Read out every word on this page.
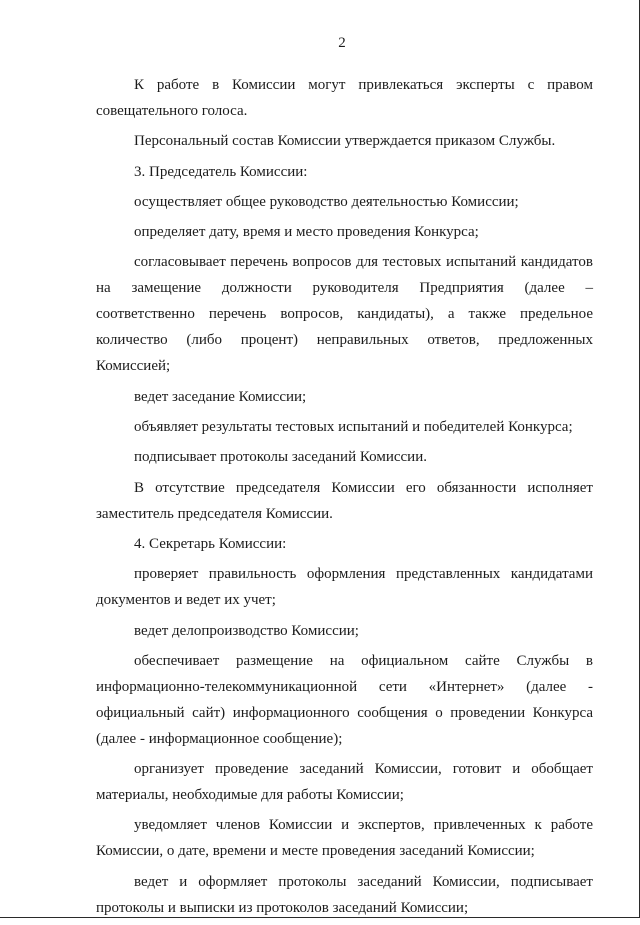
2

К работе в Комиссии могут привлекаться эксперты с правом совещательного голоса.

Персональный состав Комиссии утверждается приказом Службы.

3. Председатель Комиссии:

осуществляет общее руководство деятельностью Комиссии;

определяет дату, время и место проведения Конкурса;

согласовывает перечень вопросов для тестовых испытаний кандидатов на замещение должности руководителя Предприятия (далее – соответственно перечень вопросов, кандидаты), а также предельное количество (либо процент) неправильных ответов, предложенных Комиссией;

ведет заседание Комиссии;

объявляет результаты тестовых испытаний и победителей Конкурса;

подписывает протоколы заседаний Комиссии.

В отсутствие председателя Комиссии его обязанности исполняет заместитель председателя Комиссии.

4. Секретарь Комиссии:

проверяет правильность оформления представленных кандидатами документов и ведет их учет;

ведет делопроизводство Комиссии;

обеспечивает размещение на официальном сайте Службы в информационно-телекоммуникационной сети «Интернет» (далее - официальный сайт) информационного сообщения о проведении Конкурса (далее - информационное сообщение);

организует проведение заседаний Комиссии, готовит и обобщает материалы, необходимые для работы Комиссии;

уведомляет членов Комиссии и экспертов, привлеченных к работе Комиссии, о дате, времени и месте проведения заседаний Комиссии;

ведет и оформляет протоколы заседаний Комиссии, подписывает протоколы и выписки из протоколов заседаний Комиссии;
